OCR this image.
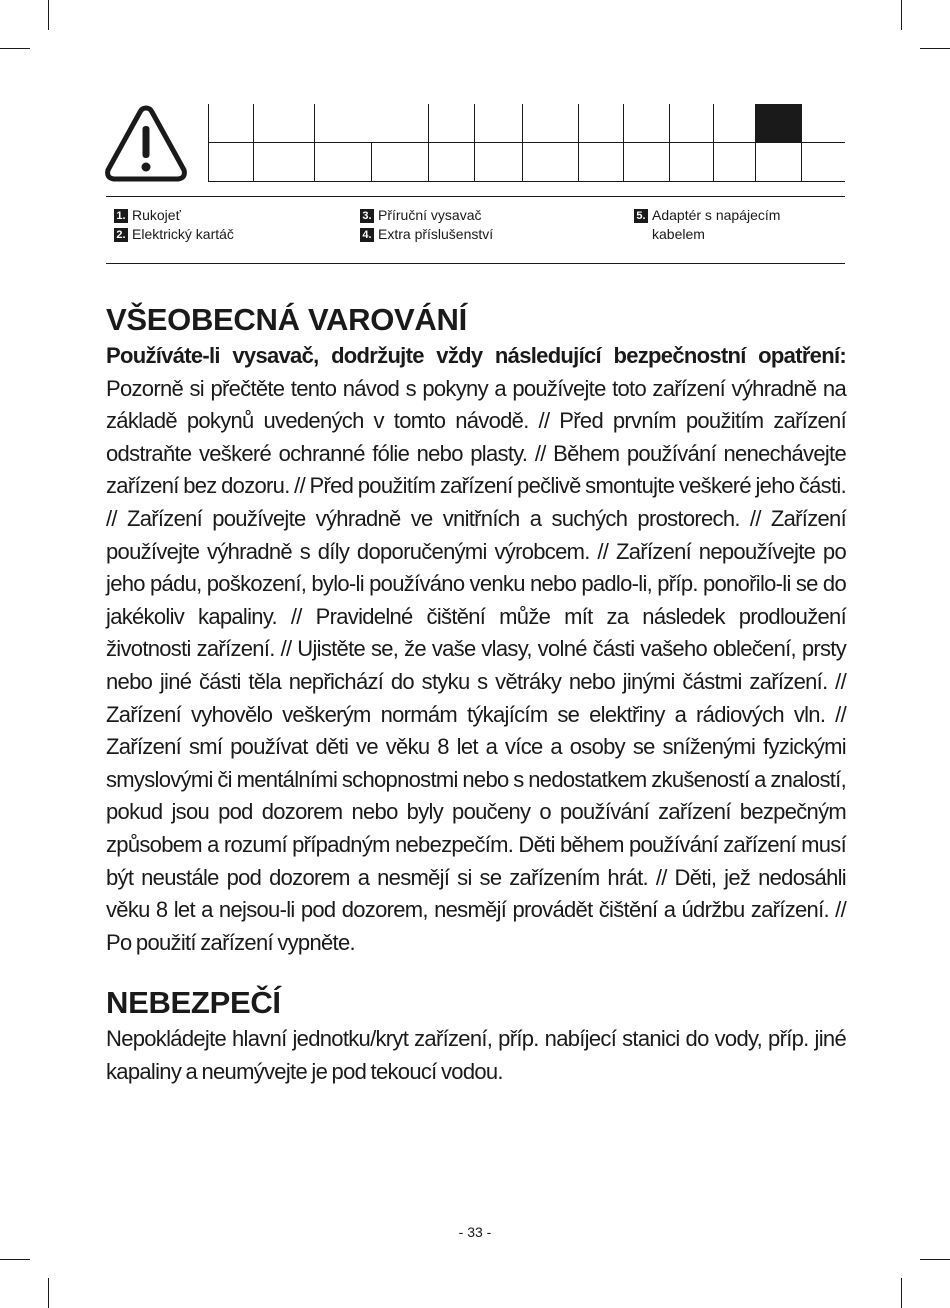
1. Rukojeť
2. Elektrický kartáč
3. Příruční vysavač
4. Extra příslušenství
5. Adaptér s napájecím
kabelem
VŠEOBECNÁ VAROVÁNÍ

Používáte-li vysavač, dodržujte vždy následující bezpečnostní opatření: Pozorně si přečtěte tento návod s pokyny a používejte toto zařízení výhradně na základě pokynů uvedených v tomto návodě. // Před prvním použitím zařízení odstraňte veškeré ochranné fólie nebo plasty. // Během používání nenechávejte zařízení bez dozoru. // Před použitím zařízení pečlivě smontujte veškeré jeho části. // Zařízení používejte výhradně ve vnitřních a suchých prostorech. // Zařízení používejte výhradně s díly doporučenými výrobcem. // Zařízení nepoužívejte po jeho pádu, poškození, bylo-li používáno venku nebo padlo-li, příp. ponořilo-li se do jakékoliv kapaliny. // Pravidelné čištění může mít za následek prodloužení životnosti zařízení. // Ujistěte se, že vaše vlasy, volné části vašeho oblečení, prsty nebo jiné části těla nepřichází do styku s větráky nebo jinými částmi zařízení. // Zařízení vyhovělo veškerým normám týkajícím se elektřiny a rádiových vln. // Zařízení smí používat děti ve věku 8 let a více a osoby se sníženými fyzickými smyslovými či mentálními schopnostmi nebo s nedostatkem zkušeností a znalostí, pokud jsou pod dozorem nebo byly poučeny o používání zařízení bezpečným způsobem a rozumí případným nebezpečím. Děti během používání zařízení musí být neustále pod dozorem a nesmějí si se zařízením hrát. // Děti, jež nedosáhli věku 8 let a nejsou-li pod dozorem, nesmějí provádět čištění a údržbu zařízení. // Po použití zařízení vypněte.

NEBEZPEČÍ

Nepokládejte hlavní jednotku/kryt zařízení, příp. nabíjecí stanici do vody, příp. jiné kapaliny a neumývejte je pod tekoucí vodou.

- 33 -
